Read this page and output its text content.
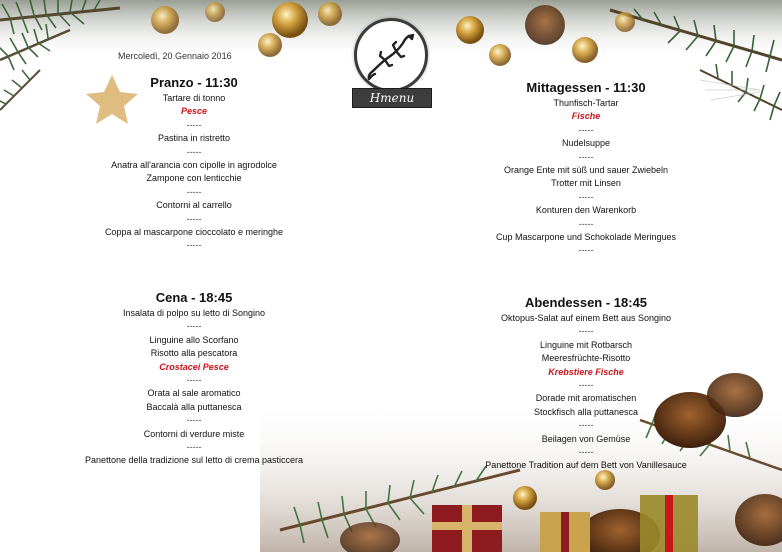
Hmenu
Mercoledì, 20 Gennaio 2016
Pranzo - 11:30
Tartare di tonno
Pesce
-----
Pastina in ristretto
-----
Anatra all'arancia con cipolle in agrodolce
Zampone con lenticchie
-----
Contorni al carrello
-----
Coppa al mascarpone cioccolato e meringhe
-----
Cena - 18:45
Insalata di polpo su letto di Songino
-----
Linguine allo Scorfano
Risotto alla pescatora
Crostacei Pesce
-----
Orata al sale aromatico
Baccalà alla puttanesca
-----
Contorni di verdure miste
-----
Panettone della tradizione sul letto di crema pasticcera
Mittagessen - 11:30
Thunfisch-Tartar
Fische
-----
Nudelsuppe
-----
Orange Ente mit süß und sauer Zwiebeln
Trotter mit Linsen
-----
Konturen den Warenkorb
-----
Cup Mascarpone und Schokolade Meringues
-----
Abendessen - 18:45
Oktopus-Salat auf einem Bett aus Songino
-----
Linguine mit Rotbarsch
Meeresfrüchte-Risotto
Krebstiere Fische
-----
Dorade mit aromatischen
Stockfisch alla puttanesca
-----
Beilagen von Gemüse
-----
Panettone Tradition auf dem Bett von Vanillesauce
